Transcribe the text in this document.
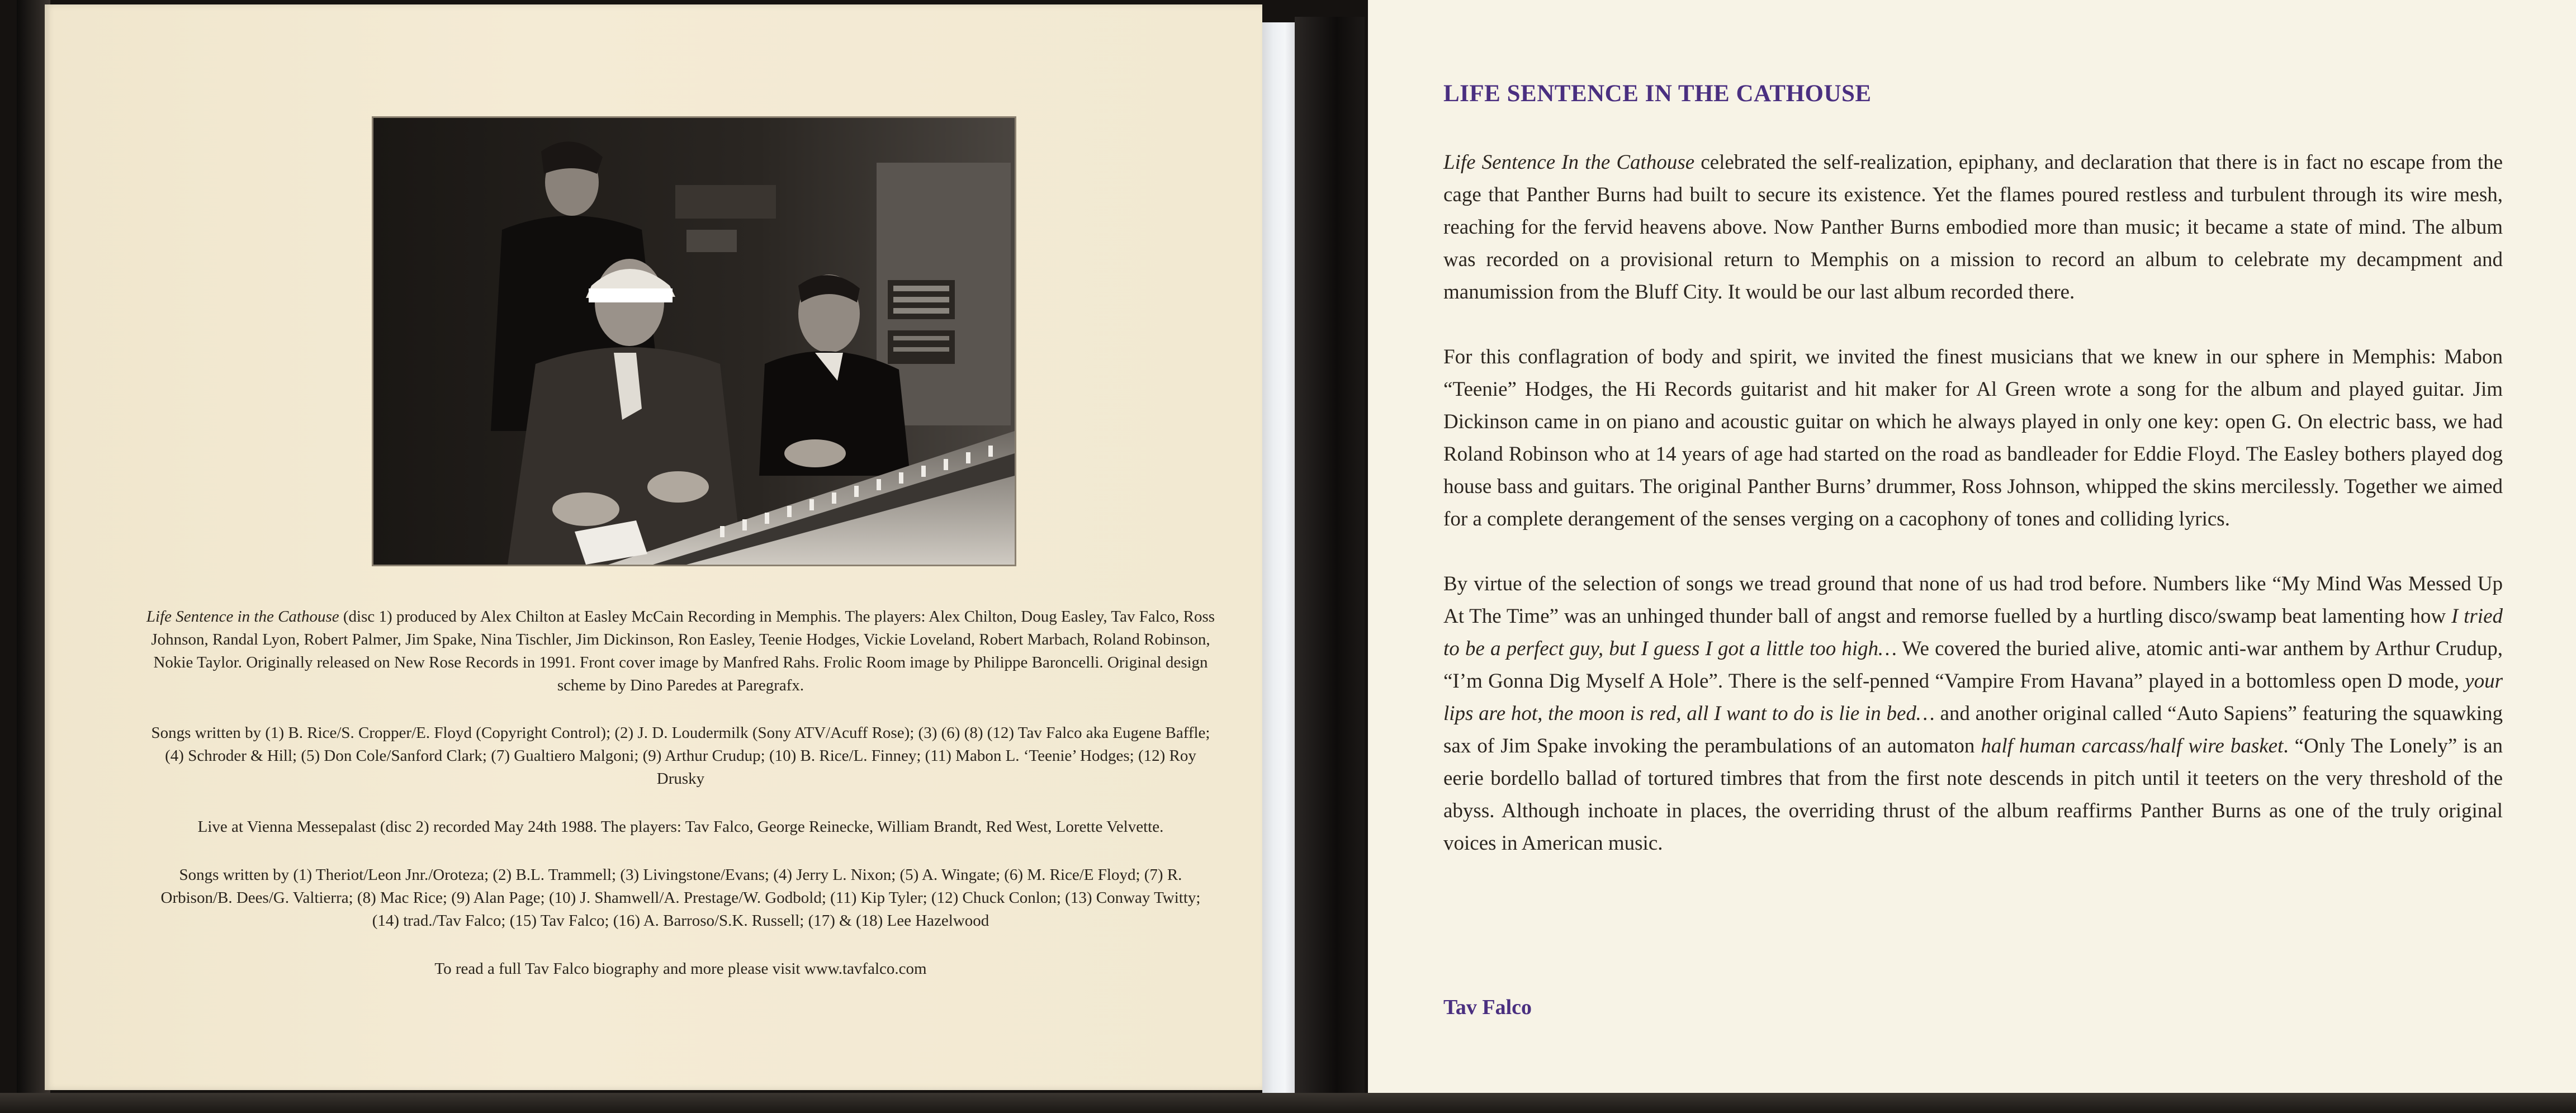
Life Sentence in the Cathouse (disc 1) produced by Alex Chilton at Easley McCain Recording in Memphis. The players: Alex Chilton, Doug Easley, Tav Falco, Ross Johnson, Randal Lyon, Robert Palmer, Jim Spake, Nina Tischler, Jim Dickinson, Ron Easley, Teenie Hodges, Vickie Loveland, Robert Marbach, Roland Robinson, Nokie Taylor. Originally released on New Rose Records in 1991. Front cover image by Manfred Rahs. Frolic Room image by Philippe Baroncelli. Original design scheme by Dino Paredes at Paregrafx.

Songs written by (1) B. Rice/S. Cropper/E. Floyd (Copyright Control); (2) J. D. Loudermilk (Sony ATV/Acuff Rose); (3) (6) (8) (12) Tav Falco aka Eugene Baffle; (4) Schroder & Hill; (5) Don Cole/Sanford Clark; (7) Gualtiero Malgoni; (9) Arthur Crudup; (10) B. Rice/L. Finney; (11) Mabon L. ‘Teenie’ Hodges; (12) Roy Drusky

Live at Vienna Messepalast (disc 2) recorded May 24th 1988. The players: Tav Falco, George Reinecke, William Brandt, Red West, Lorette Velvette.

Songs written by (1) Theriot/Leon Jnr./Oroteza; (2) B.L. Trammell; (3) Livingstone/Evans; (4) Jerry L. Nixon; (5) A. Wingate; (6) M. Rice/E Floyd; (7) R. Orbison/B. Dees/G. Valtierra; (8) Mac Rice; (9) Alan Page; (10) J. Shamwell/A. Prestage/W. Godbold; (11) Kip Tyler; (12) Chuck Conlon; (13) Conway Twitty; (14) trad./Tav Falco; (15) Tav Falco; (16) A. Barroso/S.K. Russell; (17) & (18) Lee Hazelwood

To read a full Tav Falco biography and more please visit www.tavfalco.com

LIFE SENTENCE IN THE CATHOUSE

Life Sentence In the Cathouse celebrated the self-realization, epiphany, and declaration that there is in fact no escape from the cage that Panther Burns had built to secure its existence. Yet the flames poured restless and turbulent through its wire mesh, reaching for the fervid heavens above. Now Panther Burns embodied more than music; it became a state of mind. The album was recorded on a provisional return to Memphis on a mission to record an album to celebrate my decampment and manumission from the Bluff City. It would be our last album recorded there.

For this conflagration of body and spirit, we invited the finest musicians that we knew in our sphere in Memphis: Mabon “Teenie” Hodges, the Hi Records guitarist and hit maker for Al Green wrote a song for the album and played guitar. Jim Dickinson came in on piano and acoustic guitar on which he always played in only one key: open G. On electric bass, we had Roland Robinson who at 14 years of age had started on the road as bandleader for Eddie Floyd. The Easley bothers played dog house bass and guitars. The original Panther Burns’ drummer, Ross Johnson, whipped the skins mercilessly. Together we aimed for a complete derangement of the senses verging on a cacophony of tones and colliding lyrics.

By virtue of the selection of songs we tread ground that none of us had trod before. Numbers like “My Mind Was Messed Up At The Time” was an unhinged thunder ball of angst and remorse fuelled by a hurtling disco/swamp beat lamenting how I tried to be a perfect guy, but I guess I got a little too high… We covered the buried alive, atomic anti-war anthem by Arthur Crudup, “I’m Gonna Dig Myself A Hole”. There is the self-penned “Vampire From Havana” played in a bottomless open D mode, your lips are hot, the moon is red, all I want to do is lie in bed… and another original called “Auto Sapiens” featuring the squawking sax of Jim Spake invoking the perambulations of an automaton half human carcass/half wire basket. “Only The Lonely” is an eerie bordello ballad of tortured timbres that from the first note descends in pitch until it teeters on the very threshold of the abyss. Although inchoate in places, the overriding thrust of the album reaffirms Panther Burns as one of the truly original voices in American music.

Tav Falco
